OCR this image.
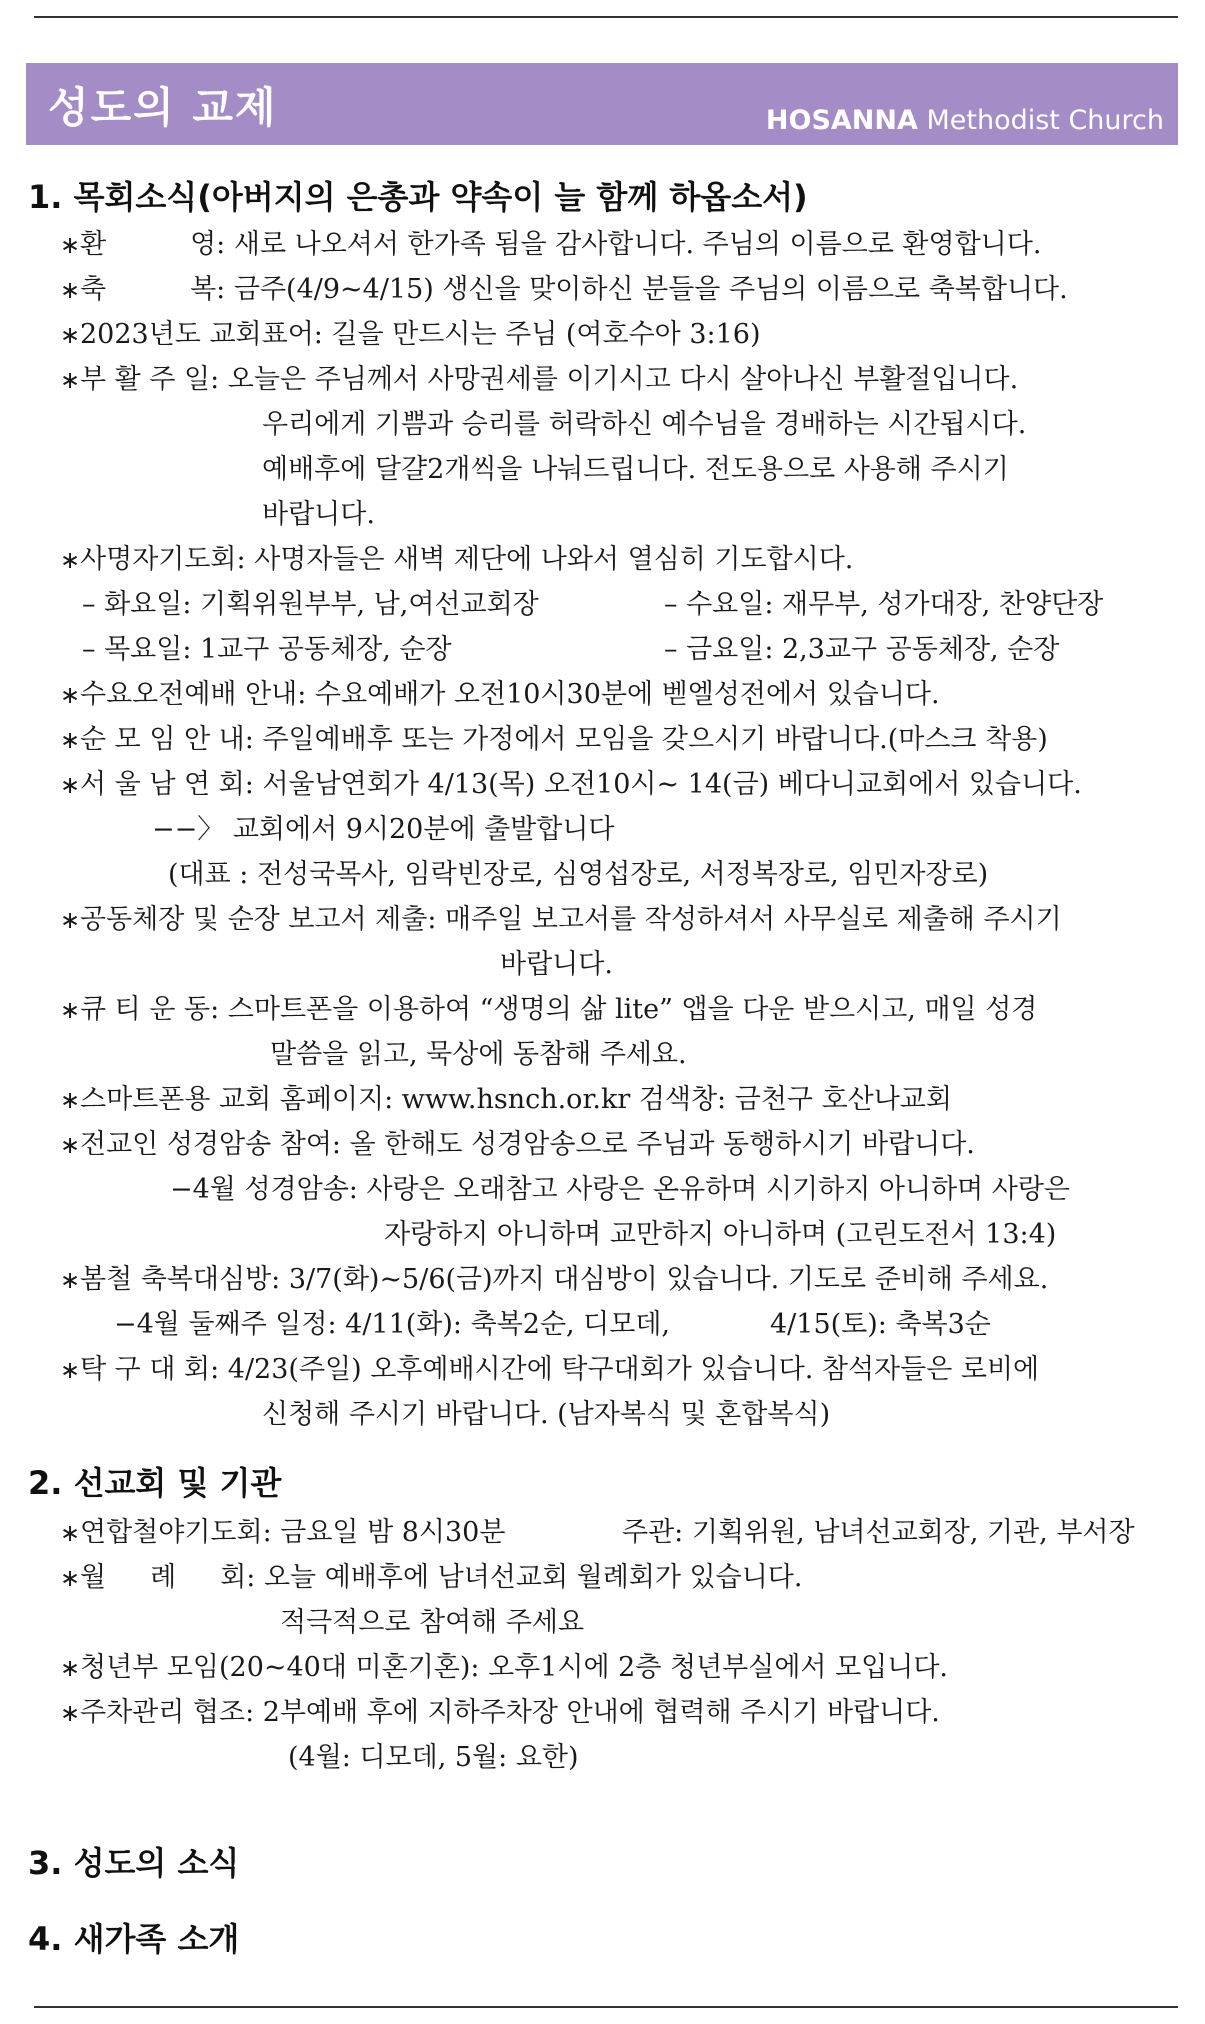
성도의 교제	HOSANNA Methodist Church
1. 목회소식(아버지의 은총과 약속이 늘 함께 하옵소서)
∗환	영: 새로 나오셔서 한가족 됨을 감사합니다. 주님의 이름으로 환영합니다.
∗축	복: 금주(4/9~4/15) 생신을 맞이하신 분들을 주님의 이름으로 축복합니다.
∗2023년도 교회표어: 길을 만드시는 주님 (여호수아 3:16)
∗부 활 주 일: 오늘은 주님께서 사망권세를 이기시고 다시 살아나신 부활절입니다.
우리에게 기쁨과 승리를 허락하신 예수님을 경배하는 시간됩시다.
예배후에 달걀2개씩을 나눠드립니다. 전도용으로 사용해 주시기
바랍니다.
∗사명자기도회: 사명자들은 새벽 제단에 나와서 열심히 기도합시다.
– 화요일: 기획위원부부, 남,여선교회장	– 수요일: 재무부, 성가대장, 찬양단장
– 목요일: 1교구 공동체장, 순장	– 금요일: 2,3교구 공동체장, 순장
∗수요오전예배 안내: 수요예배가 오전10시30분에 벧엘성전에서 있습니다.
∗순 모 임 안 내: 주일예배후 또는 가정에서 모임을 갖으시기 바랍니다.(마스크 착용)
∗서 울 남 연 회: 서울남연회가 4/13(목) 오전10시~ 14(금) 베다니교회에서 있습니다.
−−〉 교회에서 9시20분에 출발합니다
(대표 : 전성국목사, 임락빈장로, 심영섭장로, 서정복장로, 임민자장로)
∗공동체장 및 순장 보고서 제출: 매주일 보고서를 작성하셔서 사무실로 제출해 주시기
바랍니다.
∗큐 티 운 동: 스마트폰을 이용하여 “생명의 삶 lite” 앱을 다운 받으시고, 매일 성경
말씀을 읽고, 묵상에 동참해 주세요.
∗스마트폰용 교회 홈페이지: www.hsnch.or.kr 검색창: 금천구 호산나교회
∗전교인 성경암송 참여: 올 한해도 성경암송으로 주님과 동행하시기 바랍니다.
−4월 성경암송: 사랑은 오래참고 사랑은 온유하며 시기하지 아니하며 사랑은
자랑하지 아니하며 교만하지 아니하며 (고린도전서 13:4)
∗봄철 축복대심방: 3/7(화)~5/6(금)까지 대심방이 있습니다. 기도로 준비해 주세요.
−4월 둘째주 일정: 4/11(화): 축복2순, 디모데,	4/15(토): 축복3순
∗탁 구 대 회: 4/23(주일) 오후예배시간에 탁구대회가 있습니다. 참석자들은 로비에
신청해 주시기 바랍니다. (남자복식 및 혼합복식)
2. 선교회 및 기관
∗연합철야기도회: 금요일 밤 8시30분	주관: 기획위원, 남녀선교회장, 기관, 부서장
∗월 례 회: 오늘 예배후에 남녀선교회 월례회가 있습니다.
적극적으로 참여해 주세요
∗청년부 모임(20~40대 미혼기혼): 오후1시에 2층 청년부실에서 모입니다.
∗주차관리 협조: 2부예배 후에 지하주차장 안내에 협력해 주시기 바랍니다.
(4월: 디모데, 5월: 요한)
3. 성도의 소식
4. 새가족 소개
